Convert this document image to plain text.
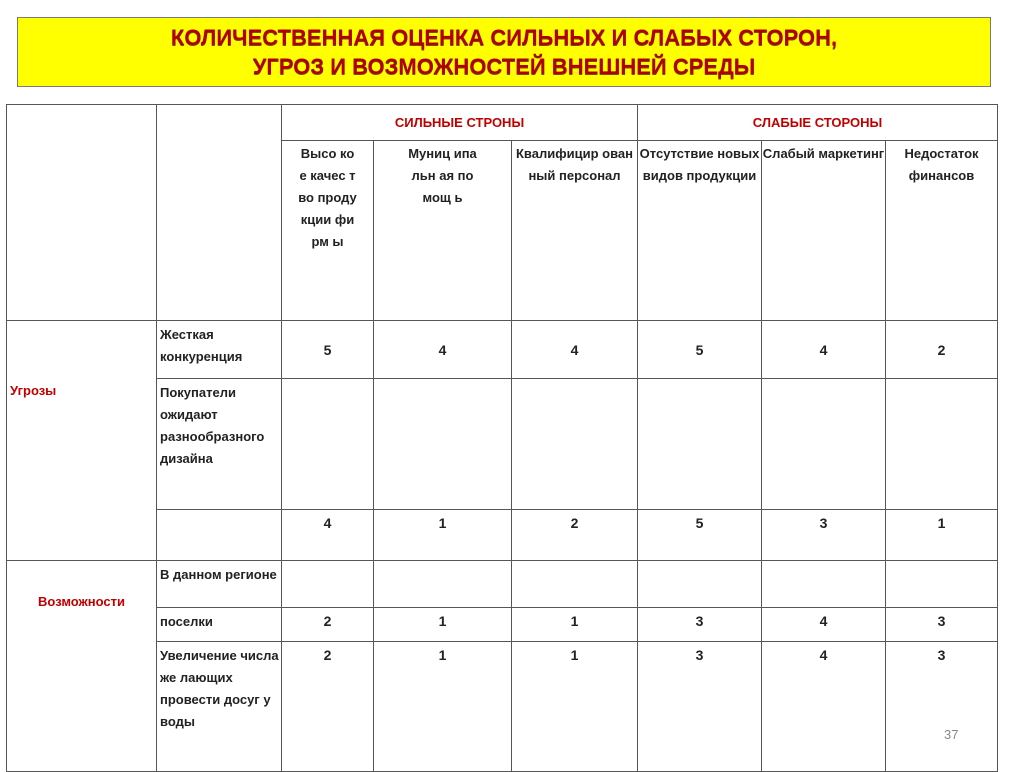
КОЛИЧЕСТВЕННАЯ ОЦЕНКА СИЛЬНЫХ И СЛАБЫХ СТОРОН,
УГРОЗ И ВОЗМОЖНОСТЕЙ ВНЕШНЕЙ СРЕДЫ
		СИЛЬНЫЕ СТРОНЫ			СЛАБЫЕ СТОРОНЫ		

		Высо кое качес тво проду кции фирм ы	Муниц ипальн ая помощ ь	Квалифицир ованный персонал	Отсутствие новых видов продукции	Слабый маркетинг	Недостаток финансов

Угрозы	Жесткая конкуренция	5	4	4	5	4	2
	Покупатели ожидают разнообразного дизайна						
		4	1	2	5	3	1
Возможности	В данном регионе						
	поселки	2	1	1	3	4	3
	Увеличение числа же лающих провести досуг у воды	2	1	1	3	4	3
37
